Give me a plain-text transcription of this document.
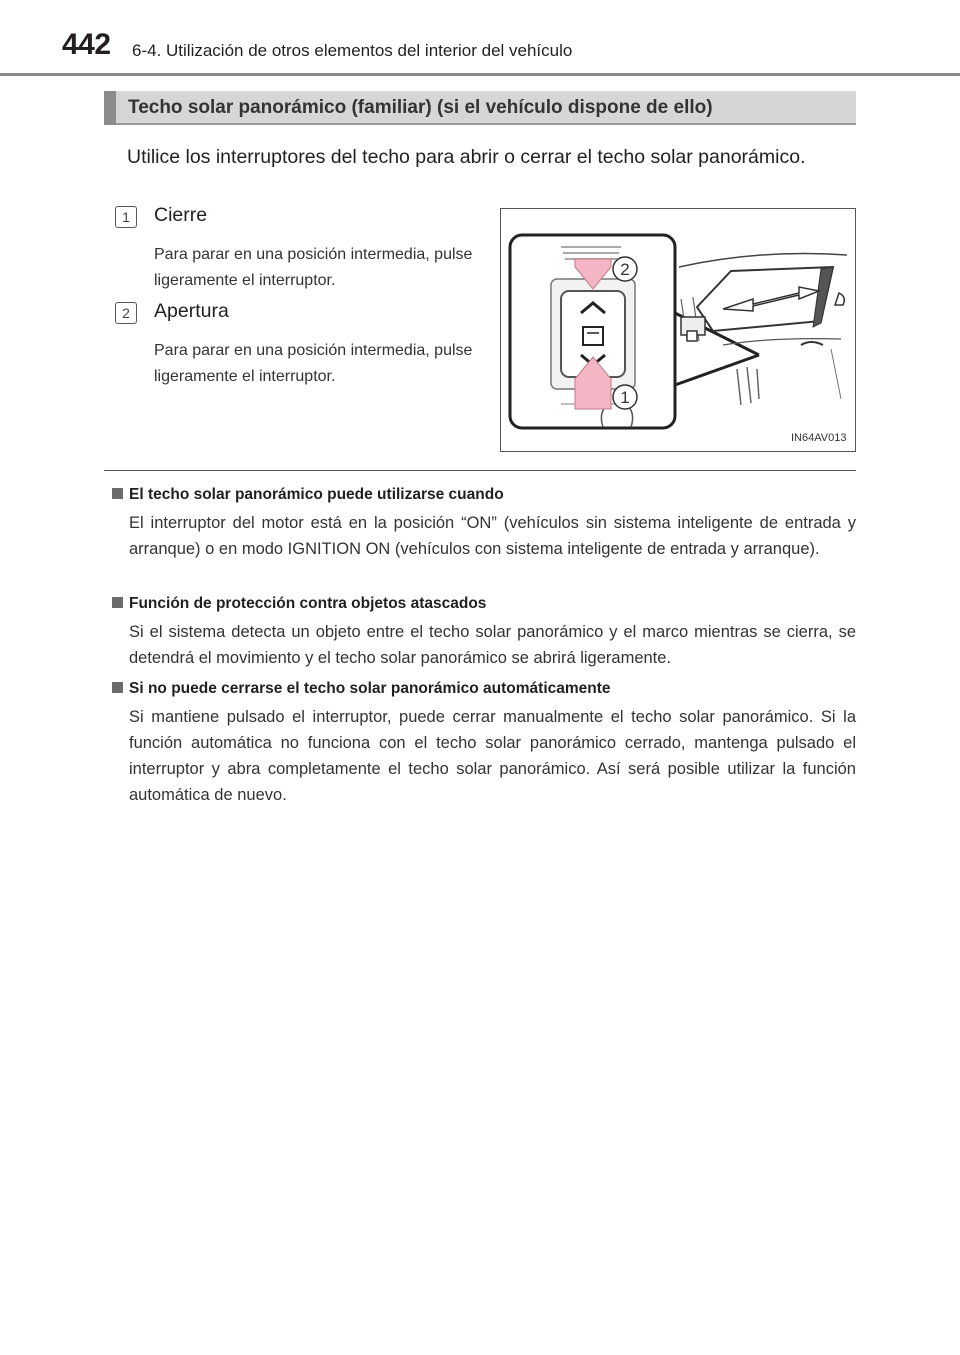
442 6-4. Utilización de otros elementos del interior del vehículo
Techo solar panorámico (familiar) (si el vehículo dispone de ello)
Utilice los interruptores del techo para abrir o cerrar el techo solar panorámico.
1	Cierre
Para parar en una posición intermedia, pulse ligeramente el interruptor.
2	Apertura
Para parar en una posición intermedia, pulse ligeramente el interruptor.
2
1
IN64AV013
El techo solar panorámico puede utilizarse cuando
El interruptor del motor está en la posición “ON” (vehículos sin sistema inteligente de entrada y arranque) o en modo IGNITION ON (vehículos con sistema inteligente de entrada y arranque).
Función de protección contra objetos atascados
Si el sistema detecta un objeto entre el techo solar panorámico y el marco mientras se cierra, se detendrá el movimiento y el techo solar panorámico se abrirá ligeramente.
Si no puede cerrarse el techo solar panorámico automáticamente
Si mantiene pulsado el interruptor, puede cerrar manualmente el techo solar panorámico. Si la función automática no funciona con el techo solar panorámico cerrado, mantenga pulsado el interruptor y abra completamente el techo solar panorámico. Así será posible utilizar la función automática de nuevo.
